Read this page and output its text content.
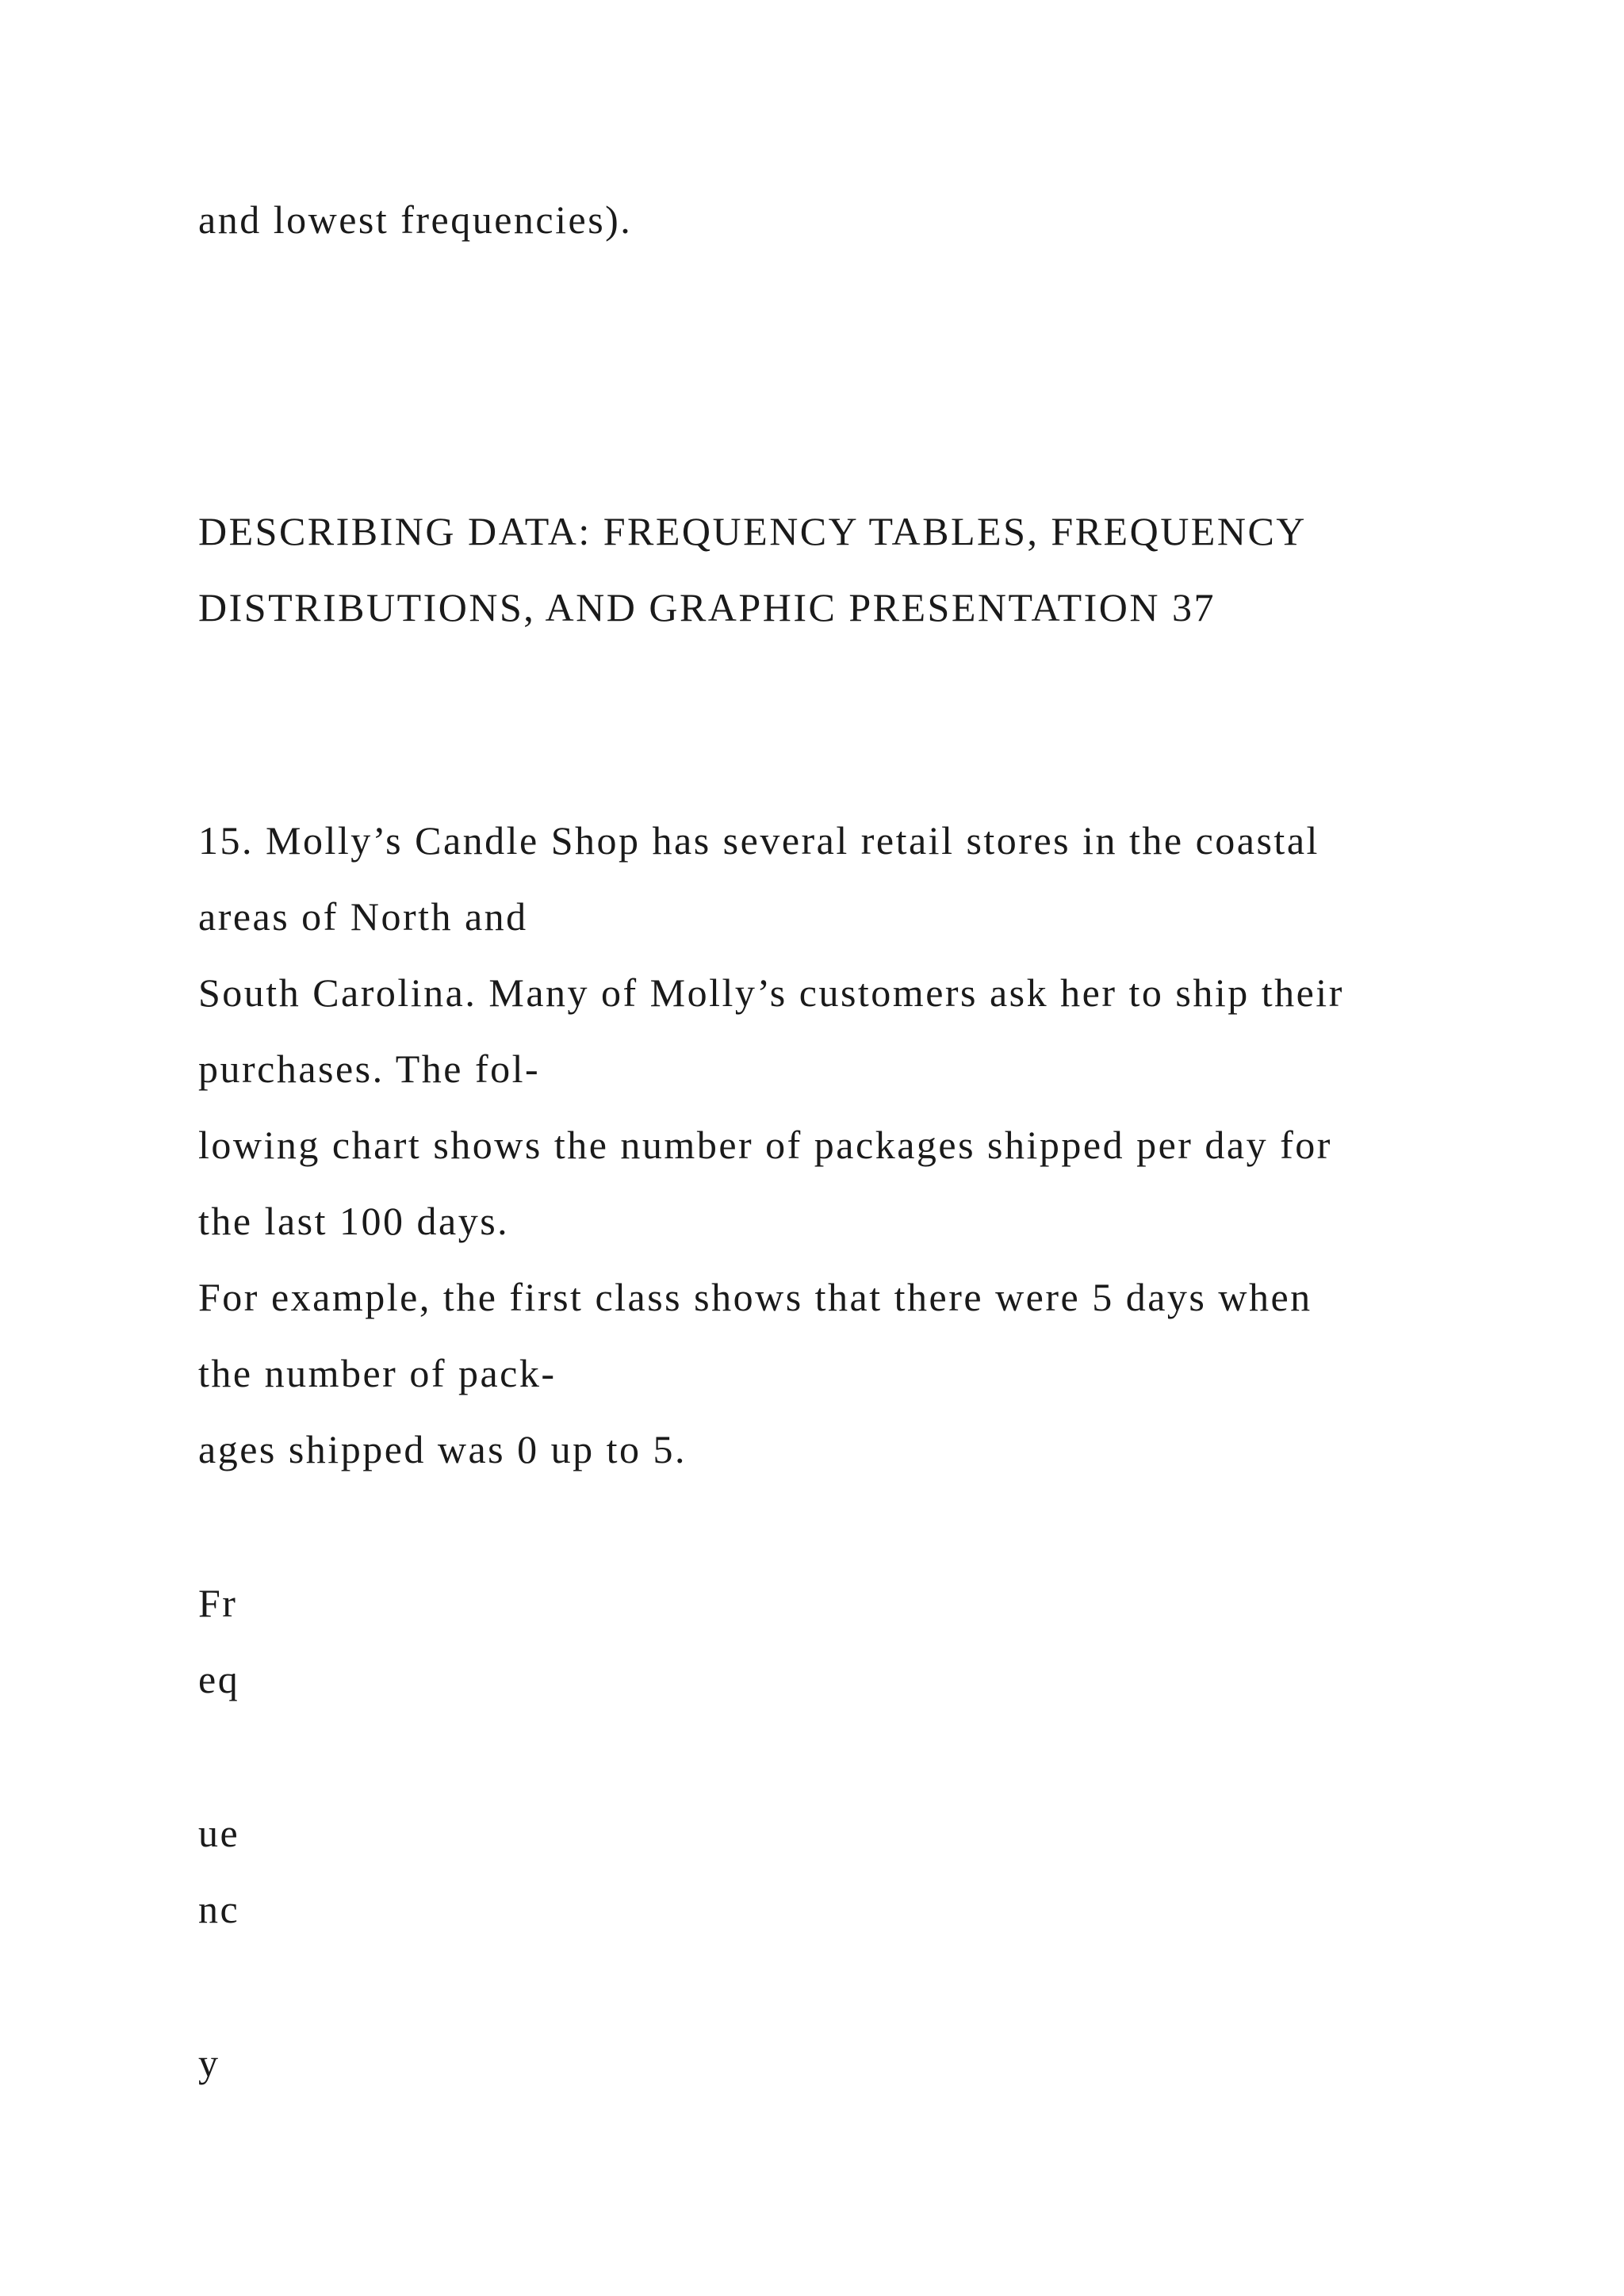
and lowest frequencies).
DESCRIBING DATA: FREQUENCY TABLES, FREQUENCY
DISTRIBUTIONS, AND GRAPHIC PRESENTATION 37
15. Molly’s Candle Shop has several retail stores in the coastal
areas of North and
South Carolina. Many of Molly’s customers ask her to ship their
purchases. The fol-
lowing chart shows the number of packages shipped per day for
the last 100 days.
For example, the first class shows that there were 5 days when
the number of pack-
ages shipped was 0 up to 5.
Fr
eq
ue
nc
y
